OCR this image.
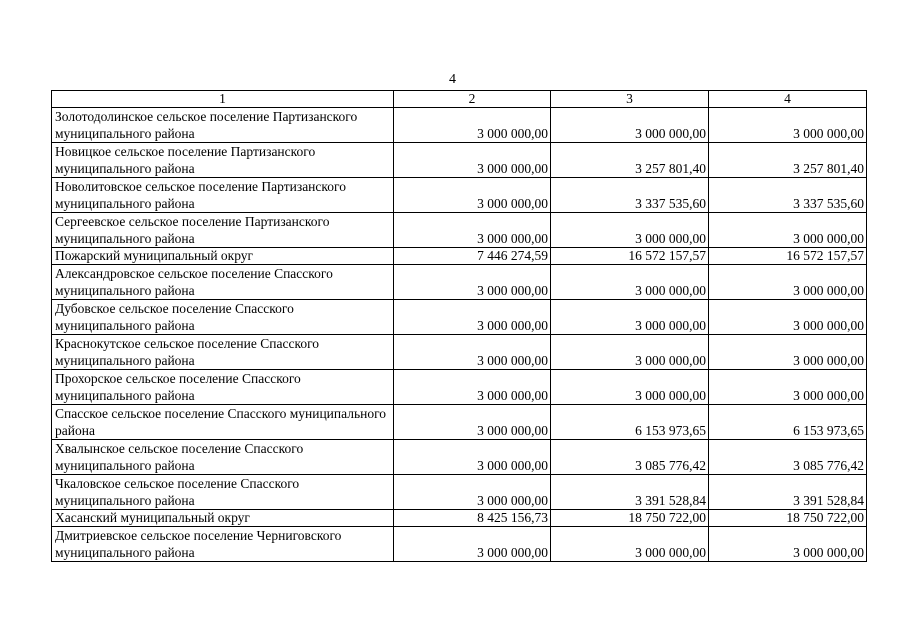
4
1	2	3	4
Золотодолинское сельское поселение Партизанского муниципального района	3 000 000,00	3 000 000,00	3 000 000,00
Новицкое сельское поселение Партизанского муниципального района	3 000 000,00	3 257 801,40	3 257 801,40
Новолитовское сельское поселение Партизанского муниципального района	3 000 000,00	3 337 535,60	3 337 535,60
Сергеевское сельское поселение Партизанского муниципального района	3 000 000,00	3 000 000,00	3 000 000,00
Пожарский муниципальный округ	7 446 274,59	16 572 157,57	16 572 157,57
Александровское сельское поселение Спасского муниципального района	3 000 000,00	3 000 000,00	3 000 000,00
Дубовское сельское поселение Спасского муниципального района	3 000 000,00	3 000 000,00	3 000 000,00
Краснокутское сельское поселение Спасского муниципального района	3 000 000,00	3 000 000,00	3 000 000,00
Прохорское сельское поселение Спасского муниципального района	3 000 000,00	3 000 000,00	3 000 000,00
Спасское сельское поселение Спасского муниципального района	3 000 000,00	6 153 973,65	6 153 973,65
Хвалынское сельское поселение Спасского муниципального района	3 000 000,00	3 085 776,42	3 085 776,42
Чкаловское сельское поселение Спасского муниципального района	3 000 000,00	3 391 528,84	3 391 528,84
Хасанский муниципальный округ	8 425 156,73	18 750 722,00	18 750 722,00
Дмитриевское сельское поселение Черниговского муниципального района	3 000 000,00	3 000 000,00	3 000 000,00
